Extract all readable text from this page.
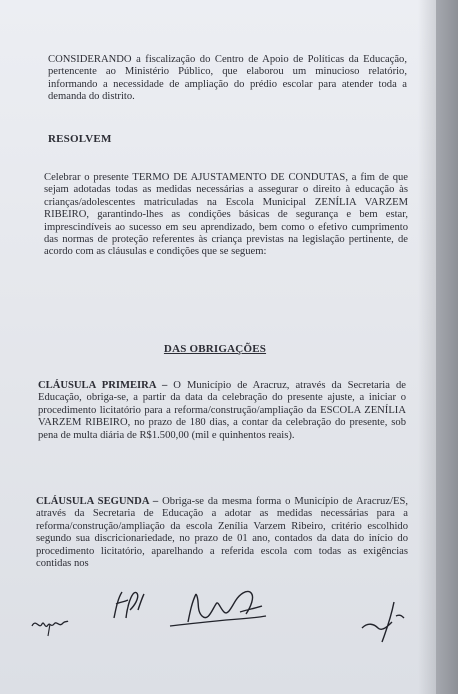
CONSIDERANDO a fiscalização do Centro de Apoio de Políticas da Educação, pertencente ao Ministério Público, que elaborou um minucioso relatório, informando a necessidade de ampliação do prédio escolar para atender toda a demanda do distrito.

RESOLVEM

Celebrar o presente TERMO DE AJUSTAMENTO DE CONDUTAS, a fim de que sejam adotadas todas as medidas necessárias a assegurar o direito à educação às crianças/adolescentes matriculadas na Escola Municipal ZENÍLIA VARZEM RIBEIRO, garantindo-lhes as condições básicas de segurança e bem estar, imprescindíveis ao sucesso em seu aprendizado, bem como o efetivo cumprimento das normas de proteção referentes às criança previstas na legislação pertinente, de acordo com as cláusulas e condições que se seguem:

DAS OBRIGAÇÕES

CLÁUSULA PRIMEIRA – O Município de Aracruz, através da Secretaria de Educação, obriga-se, a partir da data da celebração do presente ajuste, a iniciar o procedimento licitatório para a reforma/construção/ampliação da ESCOLA ZENÍLIA VARZEM RIBEIRO, no prazo de 180 dias, a contar da celebração do presente, sob pena de multa diária de R$1.500,00 (mil e quinhentos reais).

CLÁUSULA SEGUNDA – Obriga-se da mesma forma o Município de Aracruz/ES, através da Secretaria de Educação a adotar as medidas necessárias para a reforma/construção/ampliação da escola Zenília Varzem Ribeiro, critério escolhido segundo sua discricionariedade, no prazo de 01 ano, contados da data do início do procedimento licitatório, aparelhando a referida escola com todas as exigências contidas nos
